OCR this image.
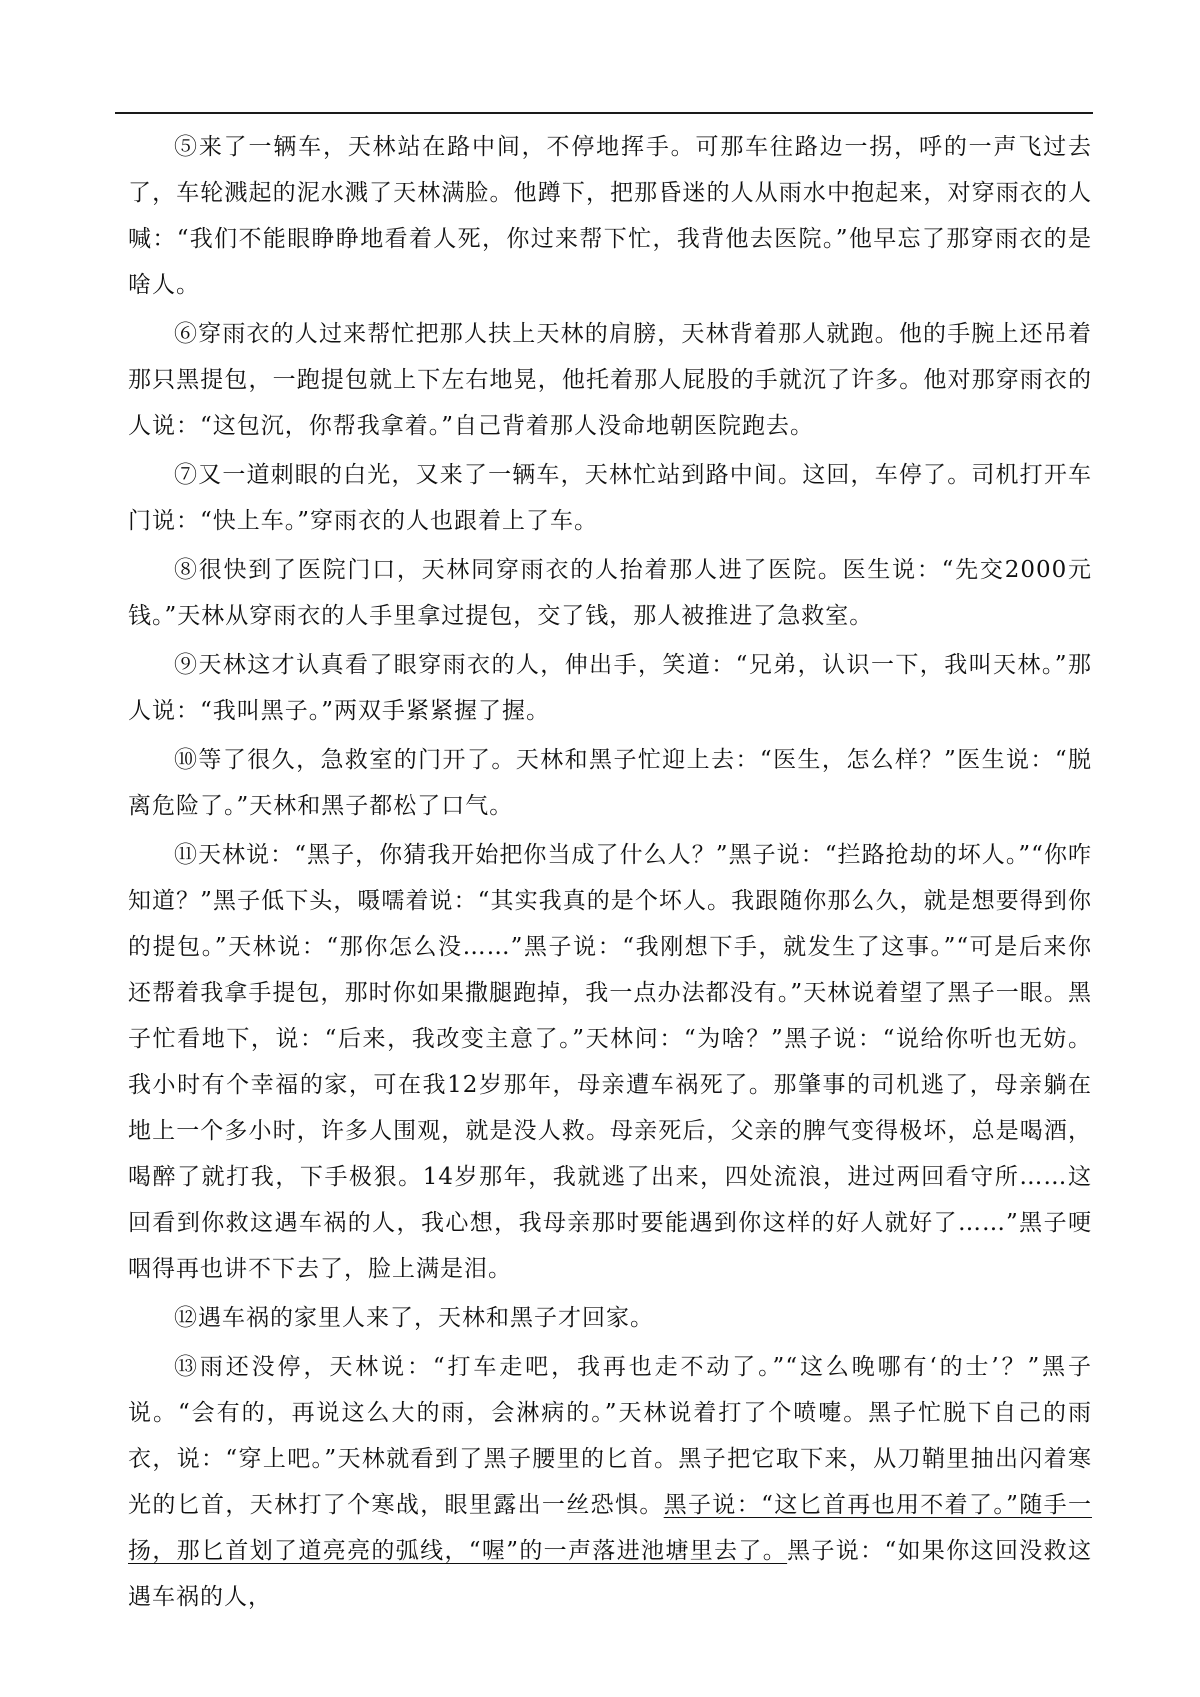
⑤来了一辆车，天林站在路中间，不停地挥手。可那车往路边一拐，呼的一声飞过去了，车轮溅起的泥水溅了天林满脸。他蹲下，把那昏迷的人从雨水中抱起来，对穿雨衣的人喊：“我们不能眼睁睁地看着人死，你过来帮下忙，我背他去医院。”他早忘了那穿雨衣的是啥人。

⑥穿雨衣的人过来帮忙把那人扶上天林的肩膀，天林背着那人就跑。他的手腕上还吊着那只黑提包，一跑提包就上下左右地晃，他托着那人屁股的手就沉了许多。他对那穿雨衣的人说：“这包沉，你帮我拿着。”自己背着那人没命地朝医院跑去。

⑦又一道刺眼的白光，又来了一辆车，天林忙站到路中间。这回，车停了。司机打开车门说：“快上车。”穿雨衣的人也跟着上了车。

⑧很快到了医院门口，天林同穿雨衣的人抬着那人进了医院。医生说：“先交2000元钱。”天林从穿雨衣的人手里拿过提包，交了钱，那人被推进了急救室。

⑨天林这才认真看了眼穿雨衣的人，伸出手，笑道：“兄弟，认识一下，我叫天林。”那人说：“我叫黑子。”两双手紧紧握了握。

⑩等了很久，急救室的门开了。天林和黑子忙迎上去：“医生，怎么样？”医生说：“脱离危险了。”天林和黑子都松了口气。

⑪天林说：“黑子，你猜我开始把你当成了什么人？”黑子说：“拦路抢劫的坏人。”“你咋知道？”黑子低下头，嗫嚅着说：“其实我真的是个坏人。我跟随你那么久，就是想要得到你的提包。”天林说：“那你怎么没……”黑子说：“我刚想下手，就发生了这事。”“可是后来你还帮着我拿手提包，那时你如果撒腿跑掉，我一点办法都没有。”天林说着望了黑子一眼。黑子忙看地下，说：“后来，我改变主意了。”天林问：“为啥？”黑子说：“说给你听也无妨。我小时有个幸福的家，可在我12岁那年，母亲遭车祸死了。那肇事的司机逃了，母亲躺在地上一个多小时，许多人围观，就是没人救。母亲死后，父亲的脾气变得极坏，总是喝酒，喝醉了就打我，下手极狠。14岁那年，我就逃了出来，四处流浪，进过两回看守所……这回看到你救这遇车祸的人，我心想，我母亲那时要能遇到你这样的好人就好了……”黑子哽咽得再也讲不下去了，脸上满是泪。

⑫遇车祸的家里人来了，天林和黑子才回家。

⑬雨还没停，天林说：“打车走吧，我再也走不动了。”“这么晚哪有‘的士’？”黑子说。“会有的，再说这么大的雨，会淋病的。”天林说着打了个喷嚏。黑子忙脱下自己的雨衣，说：“穿上吧。”天林就看到了黑子腰里的匕首。黑子把它取下来，从刀鞘里抽出闪着寒光的匕首，天林打了个寒战，眼里露出一丝恐惧。黑子说：“这匕首再也用不着了。”随手一扬，那匕首划了道亮亮的弧线，“喔”的一声落进池塘里去了。黑子说：“如果你这回没救这遇车祸的人，
